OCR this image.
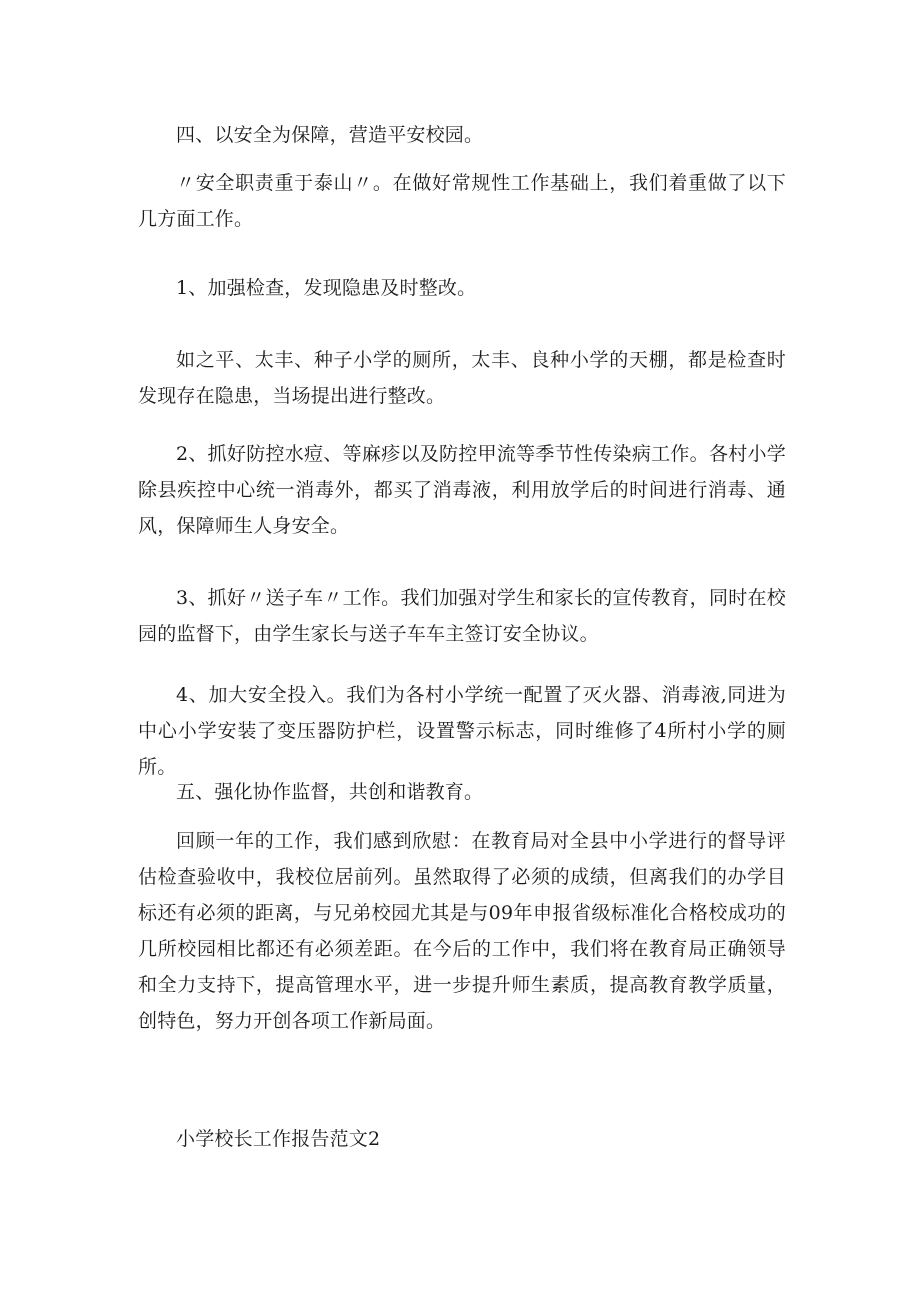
四、以安全为保障，营造平安校园。
〃安全职责重于泰山〃。在做好常规性工作基础上，我们着重做了以下几方面工作。
1、加强检查，发现隐患及时整改。
如之平、太丰、种子小学的厕所，太丰、良种小学的天棚，都是检查时发现存在隐患，当场提出进行整改。
2、抓好防控水痘、等麻疹以及防控甲流等季节性传染病工作。各村小学除县疾控中心统一消毒外，都买了消毒液，利用放学后的时间进行消毒、通风，保障师生人身安全。
3、抓好〃送子车〃工作。我们加强对学生和家长的宣传教育，同时在校园的监督下，由学生家长与送子车车主签订安全协议。
4、加大安全投入。我们为各村小学统一配置了灭火器、消毒液,同进为中心小学安装了变压器防护栏，设置警示标志，同时维修了4所村小学的厕所。
五、强化协作监督，共创和谐教育。
回顾一年的工作，我们感到欣慰：在教育局对全县中小学进行的督导评估检查验收中，我校位居前列。虽然取得了必须的成绩，但离我们的办学目标还有必须的距离，与兄弟校园尤其是与09年申报省级标准化合格校成功的几所校园相比都还有必须差距。在今后的工作中，我们将在教育局正确领导和全力支持下，提高管理水平，进一步提升师生素质，提高教育教学质量，创特色，努力开创各项工作新局面。
小学校长工作报告范文2
